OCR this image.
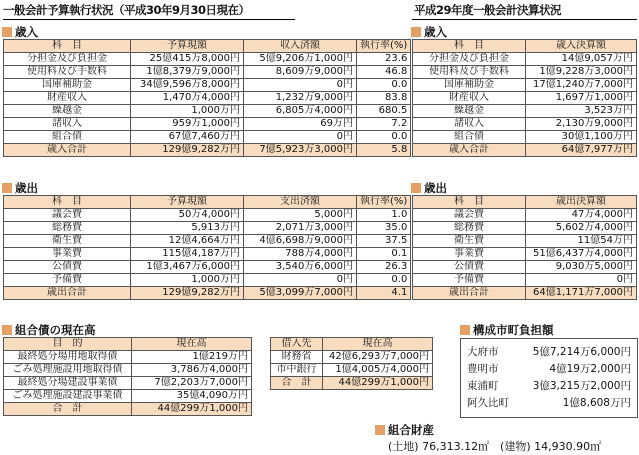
一般会計予算執行状況（平成30年9月30日現在）	平成29年度一般会計決算状況
歳入
科　目	予算現額	収入済額	執行率(%)
分担金及び負担金	25億415万8,000円	5億9,206万1,000円	23.6
使用料及び手数料	1億8,379万9,000円	8,609万9,000円	46.8
国庫補助金	34億9,596万8,000円	0円	0.0
財産収入	1,470万4,000円	1,232万9,000円	83.8
繰越金	1,000万円	6,805万4,000円	680.5
諸収入	959万1,000円	69万円	7.2
組合債	67億7,460万円	0円	0.0
歳入合計	129億9,282万円	7億5,923万3,000円	5.8
歳入
科　目	歳入決算額
分担金及び負担金	14億9,057万円
使用料及び手数料	1億9,228万3,000円
国庫補助金	17億1,240万7,000円
財産収入	1,697万1,000円
繰越金	3,523万円
諸収入	2,130万9,000円
組合債	30億1,100万円
歳入合計	64億7,977万円
歳出
科　目	予算現額	支出済額	執行率(%)
議会費	50万4,000円	5,000円	1.0
総務費	5,913万円	2,071万3,000円	35.0
衛生費	12億4,664万円	4億6,698万9,000円	37.5
事業費	115億4,187万円	788万4,000円	0.1
公債費	1億3,467万6,000円	3,540万6,000円	26.3
予備費	1,000万円	0円	0.0
歳出合計	129億9,282万円	5億3,099万7,000円	4.1
歳出
科　目	歳出決算額
議会費	47万4,000円
総務費	5,602万4,000円
衛生費	11億54万円
事業費	51億6,437万4,000円
公債費	9,030万5,000円
予備費	0円
歳出合計	64億1,171万7,000円
組合債の現在高
目　的	現在高
最終処分場用地取得債	1億219万円
ごみ処理施設用地取得債	3,786万4,000円
最終処分場建設事業債	7億2,203万7,000円
ごみ処理施設建設事業債	35億4,090万円
合　計	44億299万1,000円
借入先	現在高
財務省	42億6,293万7,000円
市中銀行	1億4,005万4,000円
合　計	44億299万1,000円
構成市町負担額
大府市	5億7,214万6,000円
豊明市	4億19万2,000円
東浦町	3億3,215万2,000円
阿久比町	1億8,608万円
組合財産
(土地) 76,313.12㎡　(建物) 14,930.90㎡
